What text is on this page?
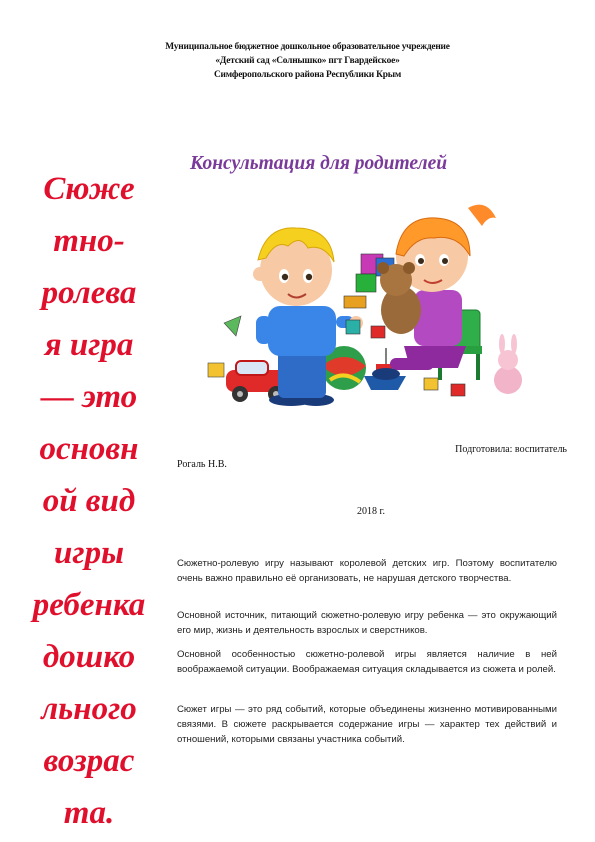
Муниципальное бюджетное дошкольное образовательное учреждение
«Детский сад «Солнышко» пгт Гвардейское»
Симферопольского района Республики Крым
Сюже
тно-
ролева
я игра
— это
основн
ой вид
игры
ребенка
дошко
льного
возрас
та.
Консультация для родителей
Подготовила: воспитатель
Рогаль Н.В.
2018 г.
Сюжетно-ролевую игру называют королевой детских игр. Поэтому воспитателю очень важно правильно её организовать, не нарушая детского творчества.
Основной источник, питающий сюжетно-ролевую игру ребенка — это окружающий его мир, жизнь и деятельность взрослых и сверстников.
Основной особенностью сюжетно-ролевой игры является наличие в ней воображаемой ситуации. Воображаемая ситуация складывается из сюжета и ролей.
Сюжет игры — это ряд событий, которые объединены жизненно мотивированными связями. В сюжете раскрывается содержание игры — характер тех действий и отношений, которыми связаны участника событий.
